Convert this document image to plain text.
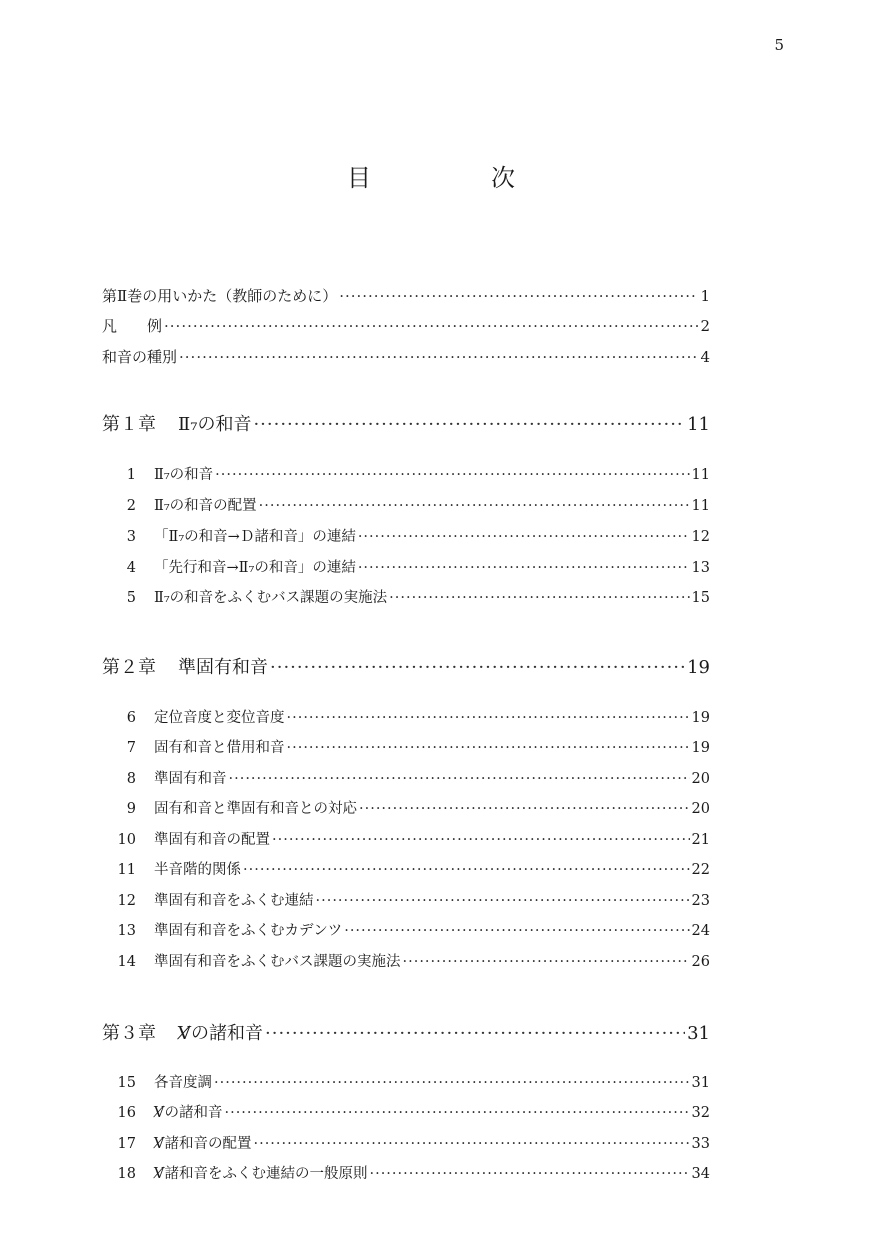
5
目　次
第Ⅱ巻の用いかた（教師のために） ·····	1
凡　　例 ·····	2
和音の種別 ·····	4
第１章 Ⅱ₇の和音 ·····	11
1 Ⅱ₇の和音 ·····	11
2 Ⅱ₇の和音の配置 ·····	11
3 「Ⅱ₇の和音→Ｄ諸和音」の連結 ·····	12
4 「先行和音→Ⅱ₇の和音」の連結 ·····	13
5 Ⅱ₇の和音をふくむバス課題の実施法 ·····	15
第２章 準固有和音 ·····	19
6 定位音度と変位音度 ·····	19
7 固有和音と借用和音 ·····	19
8 準固有和音 ·····	20
9 固有和音と準固有和音との対応 ·····	20
10 準固有和音の配置 ·····	21
11 半音階的関係 ·····	22
12 準固有和音をふくむ連結 ·····	23
13 準固有和音をふくむカデンツ ·····	24
14 準固有和音をふくむバス課題の実施法 ·····	26
第３章 Ⅴ̸の諸和音 ·····	31
15 各音度調 ·····	31
16 Ⅴ̸の諸和音 ·····	32
17 Ⅴ̸諸和音の配置 ·····	33
18 Ⅴ̸諸和音をふくむ連結の一般原則 ·····	34
